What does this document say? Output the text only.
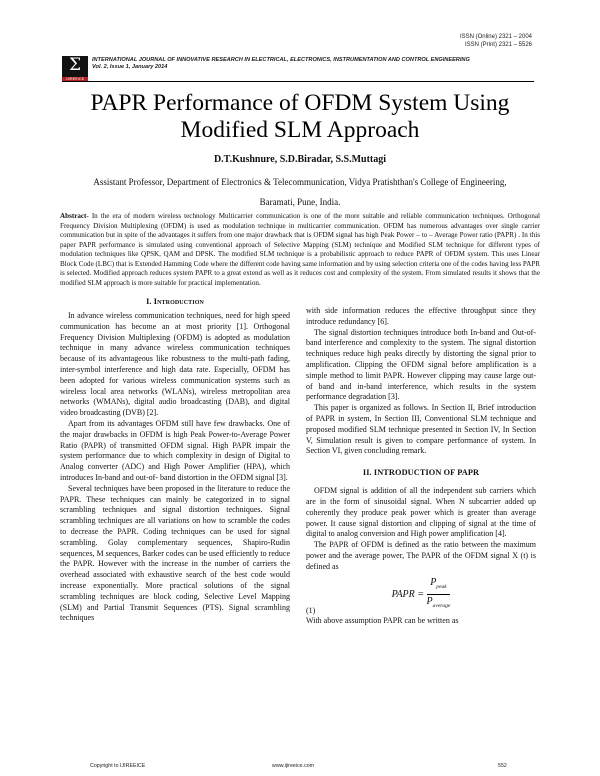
ISSN (Online) 2321 – 2004
ISSN (Print) 2321 – 5526
Σ
IJIREEICE
INTERNATIONAL JOURNAL OF INNOVATIVE RESEARCH IN ELECTRICAL, ELECTRONICS, INSTRUMENTATION AND CONTROL ENGINEERING
Vol. 2, Issue 1, January 2014
PAPR Performance of OFDM System Using
Modified SLM Approach
D.T.Kushnure, S.D.Biradar, S.S.Muttagi
Assistant Professor, Department of Electronics & Telecommunication, Vidya Pratishthan's College of Engineering,
Baramati, Pune, India.
Abstract- In the era of modern wireless technology Multicarrier communication is one of the more suitable and reliable communication techniques. Orthogonal Frequency Division Multiplexing (OFDM) is used as modulation technique in multicarrier communication. OFDM has numerous advantages over single carrier communication but in spite of the advantages it suffers from one major drawback that is OFDM signal has high Peak Power – to – Average Power ratio (PAPR) . In this paper PAPR performance is simulated using conventional approach of Selective Mapping (SLM) technique and Modified SLM technique for different types of modulation techniques like QPSK, QAM and DPSK. The modified SLM technique is a probabilistic approach to reduce PAPR of OFDM system. This uses Linear Block Code (LBC) that is Extended Hamming Code where the different code having same information and by using selection criteria one of the codes having less PAPR is selected. Modified approach reduces system PAPR to a great extend as well as it reduces cost and complexity of the system. From simulated results it shows that the modified SLM approach is more suitable for practical implementation.
I. Introduction

In advance wireless communication techniques, need for high speed communication has become an at most priority [1]. Orthogonal Frequency Division Multiplexing (OFDM) is adopted as modulation technique in many advance wireless communication techniques because of its advantageous like robustness to the multi-path fading, inter-symbol interference and high data rate. Especially, OFDM has been adopted for various wireless communication systems such as wireless local area networks (WLANs), wireless metropolitan area networks (WMANs), digital audio broadcasting (DAB), and digital video broadcasting (DVB) [2].

Apart from its advantages OFDM still have few drawbacks. One of the major drawbacks in OFDM is high Peak Power-to-Average Power Ratio (PAPR) of transmitted OFDM signal. High PAPR impair the system performance due to which complexity in design of Digital to Analog converter (ADC) and High Power Amplifier (HPA), which introduces In-band and out-of- band distortion in the OFDM signal [3].

Several techniques have been proposed in the literature to reduce the PAPR. These techniques can mainly be categorized in to signal scrambling techniques and signal distortion techniques. Signal scrambling techniques are all variations on how to scramble the codes to decrease the PAPR. Coding techniques can be used for signal scrambling. Golay complementary sequences, Shapiro-Rudin sequences, M sequences, Barker codes can be used efficiently to reduce the PAPR. However with the increase in the number of carriers the overhead associated with exhaustive search of the best code would increase exponentially. More practical solutions of the signal scrambling techniques are block coding, Selective Level Mapping (SLM) and Partial Transmit Sequences (PTS). Signal scrambling techniques

with side information reduces the effective throughput since they introduce redundancy [6].

The signal distortion techniques introduce both In-band and Out-of-band interference and complexity to the system. The signal distortion techniques reduce high peaks directly by distorting the signal prior to amplification. Clipping the OFDM signal before amplification is a simple method to limit PAPR. However clipping may cause large out-of band and in-band interference, which results in the system performance degradation [3].

This paper is organized as follows. In Section II, Brief introduction of PAPR in system, In Section III, Conventional SLM technique and proposed modified SLM technique presented in Section IV, In Section V, Simulation result is given to compare performance of system. In Section VI, given concluding remark.

II. INTRODUCTION OF PAPR

OFDM signal is addition of all the independent sub carriers which are in the form of sinusoidal signal. When N subcarrier added up coherently they produce peak power which is greater than average power. It cause signal distortion and clipping of signal at the time of digital to analog conversion and High power amplification [4].

The PAPR of OFDM is defined as the ratio between the maximum power and the average power, The PAPR of the OFDM signal X (t) is defined as

PAPR = $\frac{P_{peak}}{P_{average}}$
(1)

With above assumption PAPR can be written as

Copyright to IJIREEICE	www.ijireeice.com	552
